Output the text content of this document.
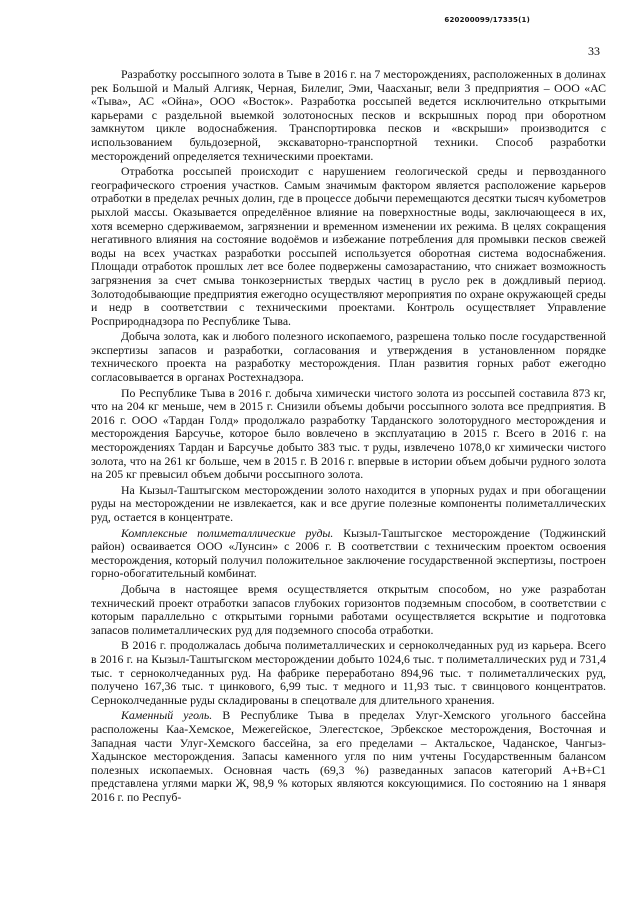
620200099/17335(1)
33

Разработку россыпного золота в Тыве в 2016 г. на 7 месторождениях, расположенных в долинах рек Большой и Малый Алгияк, Черная, Билелиг, Эми, Чаасханыг, вели 3 предприятия – ООО «АС «Тыва», АС «Ойна», ООО «Восток». Разработка россыпей ведется исключительно открытыми карьерами с раздельной выемкой золотоносных песков и вскрышных пород при оборотном замкнутом цикле водоснабжения. Транспортировка песков и «вскрыши» производится с использованием бульдозерной, экскаваторно-транспортной техники. Способ разработки месторождений определяется техническими проектами.

Отработка россыпей происходит с нарушением геологической среды и первозданного географического строения участков. Самым значимым фактором является расположение карьеров отработки в пределах речных долин, где в процессе добычи перемещаются десятки тысяч кубометров рыхлой массы. Оказывается определённое влияние на поверхностные воды, заключающееся в их, хотя всемерно сдерживаемом, загрязнении и временном изменении их режима. В целях сокращения негативного влияния на состояние водоёмов и избежание потребления для промывки песков свежей воды на всех участках разработки россыпей используется оборотная система водоснабжения. Площади отработок прошлых лет все более подвержены самозарастанию, что снижает возможность загрязнения за счет смыва тонкозернистых твердых частиц в русло рек в дождливый период. Золотодобывающие предприятия ежегодно осуществляют мероприятия по охране окружающей среды и недр в соответствии с техническими проектами. Контроль осуществляет Управление Росприроднадзора по Республике Тыва.

Добыча золота, как и любого полезного ископаемого, разрешена только после государственной экспертизы запасов и разработки, согласования и утверждения в установленном порядке технического проекта на разработку месторождения. План развития горных работ ежегодно согласовывается в органах Ростехнадзора.

По Республике Тыва в 2016 г. добыча химически чистого золота из россыпей составила 873 кг, что на 204 кг меньше, чем в 2015 г. Снизили объемы добычи россыпного золота все предприятия. В 2016 г. ООО «Тардан Голд» продолжало разработку Тарданского золоторудного месторождения и месторождения Барсучье, которое было вовлечено в эксплуатацию в 2015 г. Всего в 2016 г. на месторождениях Тардан и Барсучье добыто 383 тыс. т руды, извлечено 1078,0 кг химически чистого золота, что на 261 кг больше, чем в 2015 г. В 2016 г. впервые в истории объем добычи рудного золота на 205 кг превысил объем добычи россыпного золота.

На Кызыл-Таштыгском месторождении золото находится в упорных рудах и при обогащении руды на месторождении не извлекается, как и все другие полезные компоненты полиметаллических руд, остается в концентрате.

Комплексные полиметаллические руды. Кызыл-Таштыгское месторождение (Тоджинский район) осваивается ООО «Лунсин» с 2006 г. В соответствии с техническим проектом освоения месторождения, который получил положительное заключение государственной экспертизы, построен горно-обогатительный комбинат.

Добыча в настоящее время осуществляется открытым способом, но уже разработан технический проект отработки запасов глубоких горизонтов подземным способом, в соответствии с которым параллельно с открытыми горными работами осуществляется вскрытие и подготовка запасов полиметаллических руд для подземного способа отработки.

В 2016 г. продолжалась добыча полиметаллических и серноколчеданных руд из карьера. Всего в 2016 г. на Кызыл-Таштыгском месторождении добыто 1024,6 тыс. т полиметаллических руд и 731,4 тыс. т серноколчеданных руд. На фабрике переработано 894,96 тыс. т полиметаллических руд, получено 167,36 тыс. т цинкового, 6,99 тыс. т медного и 11,93 тыс. т свинцового концентратов. Серноколчеданные руды складированы в спецотвале для длительного хранения.

Каменный уголь. В Республике Тыва в пределах Улуг-Хемского угольного бассейна расположены Каа-Хемское, Межегейское, Элегестское, Эрбекское месторождения, Восточная и Западная части Улуг-Хемского бассейна, за его пределами – Актальское, Чаданское, Чангыз-Хадынское месторождения. Запасы каменного угля по ним учтены Государственным балансом полезных ископаемых. Основная часть (69,3 %) разведанных запасов категорий А+В+С1 представлена углями марки Ж, 98,9 % которых являются коксующимися. По состоянию на 1 января 2016 г. по Респуб-
